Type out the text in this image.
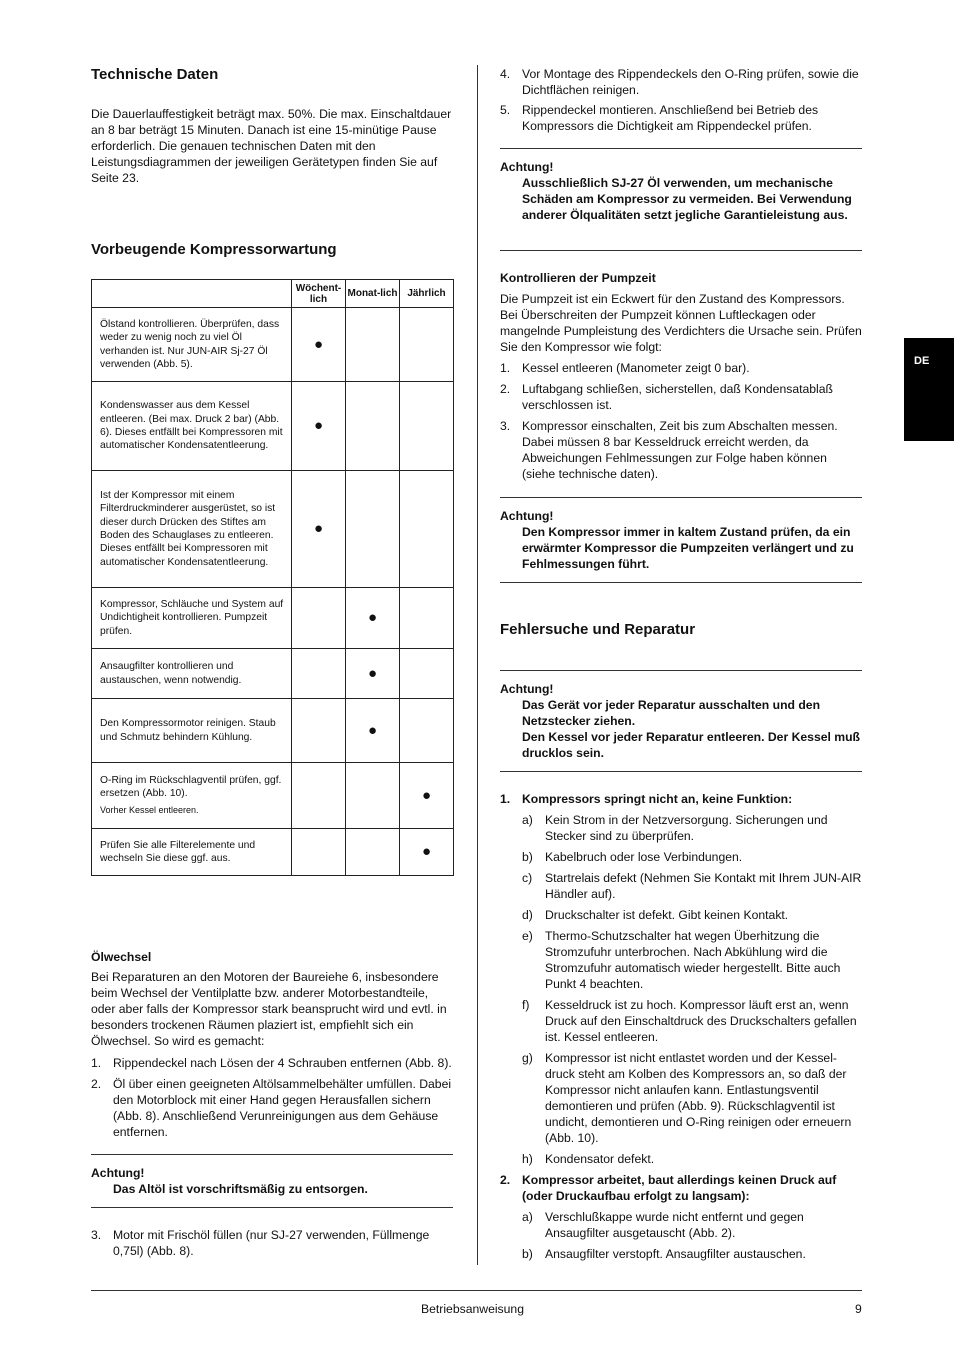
Technische Daten

Die Dauerlauffestigkeit beträgt max. 50%. Die max. Einschaltdauer an 8 bar beträgt 15 Minuten. Danach ist eine 15-minütige Pause erforderlich. Die genauen technischen Daten mit den Leistungsdiagrammen der jeweiligen Gerätetypen finden Sie auf Seite 23.

Vorbeugende Kompressorwartung
	Wöchent-lich	Monat-lich	Jährlich
Ölstand kontrollieren. Überprüfen, dass weder zu wenig noch zu viel Öl verhanden ist. Nur JUN-AIR Sj-27 Öl verwenden (Abb. 5).	●		
Kondenswasser aus dem Kessel entleeren. (Bei max. Druck 2 bar) (Abb. 6). Dieses entfällt bei Kompressoren mit automatischer Kondensatentleerung.	●		
Ist der Kompressor mit einem Filterdruckminderer ausgerüstet, so ist dieser durch Drücken des Stiftes am Boden des Schauglases zu entleeren. Dieses entfällt bei Kompressoren mit automatischer Kondensatentleerung.	●		
Kompressor, Schläuche und System auf Undichtigheit kontrollieren. Pumpzeit prüfen.		●	
Ansaugfilter kontrollieren und austauschen, wenn notwendig.		●	
Den Kompressormotor reinigen. Staub und Schmutz behindern Kühlung.		●	

O-Ring im Rückschlagventil prüfen, ggf. ersetzen (Abb. 10).
Vorher Kessel entleeren.			●
Prüfen Sie alle Filterelemente und wechseln Sie diese ggf. aus.			●

Ölwechsel

Bei Reparaturen an den Motoren der Baureiehe 6, insbesondere beim Wechsel der Ventilplatte bzw. anderer Motorbestandteile, oder aber falls der Kompressor stark beansprucht wird und evtl. in besonders trockenen Räumen plaziert ist, empfiehlt sich ein Ölwechsel. So wird es gemacht:

1. Rippendeckel nach Lösen der 4 Schrauben entfernen (Abb. 8).
2. Öl über einen geeigneten Altölsammelbehälter umfüllen. Dabei den Motorblock mit einer Hand gegen Herausfallen sichern (Abb. 8). Anschließend Verunreinigungen aus dem Gehäuse entfernen.
Achtung!
Das Altöl ist vorschriftsmäßig zu entsorgen.
3. Motor mit Frischöl füllen (nur SJ-27 verwenden, Füllmenge 0,75l) (Abb. 8).
4. Vor Montage des Rippendeckels den O-Ring prüfen, sowie die Dichtflächen reinigen.
5. Rippendeckel montieren. Anschließend bei Betrieb des Kompressors die Dichtigkeit am Rippendeckel prüfen.
Achtung!
Ausschließlich SJ-27 Öl verwenden, um mechanische Schäden am Kompressor zu vermeiden. Bei Verwendung anderer Ölqualitäten setzt jegliche Garantieleistung aus.

Kontrollieren der Pumpzeit

Die Pumpzeit ist ein Eckwert für den Zustand des Kompressors. Bei Überschreiten der Pumpzeit können Luftleckagen oder mangelnde Pumpleistung des Verdichters die Ursache sein. Prüfen Sie den Kompressor wie folgt:

1. Kessel entleeren (Manometer zeigt 0 bar).
2. Luftabgang schließen, sicherstellen, daß Kondensatablaß verschlossen ist.
3. Kompressor einschalten, Zeit bis zum Abschalten messen. Dabei müssen 8 bar Kesseldruck erreicht werden, da Abweichungen Fehlmessungen zur Folge haben können (siehe technische daten).
Achtung!
Den Kompressor immer in kaltem Zustand prüfen, da ein erwärmter Kompressor die Pumpzeiten verlängert und zu Fehlmessungen führt.
Fehlersuche und Reparatur
Achtung!
Das Gerät vor jeder Reparatur ausschalten und den Netzstecker ziehen.
Den Kessel vor jeder Reparatur entleeren. Der Kessel muß drucklos sein.
1. Kompressors springt nicht an, keine Funktion:
a) Kein Strom in der Netzversorgung. Sicherungen und Stecker sind zu überprüfen.
b) Kabelbruch oder lose Verbindungen.
c) Startrelais defekt (Nehmen Sie Kontakt mit Ihrem JUN-AIR Händler auf).
d) Druckschalter ist defekt. Gibt keinen Kontakt.
e) Thermo-Schutzschalter hat wegen Überhitzung die Stromzufuhr unterbrochen. Nach Abkühlung wird die Stromzufuhr automatisch wieder hergestellt. Bitte auch Punkt 4 beachten.
f) Kesseldruck ist zu hoch. Kompressor läuft erst an, wenn Druck auf den Einschaltdruck des Druckschalters gefallen ist. Kessel entleeren.
g) Kompressor ist nicht entlastet worden und der Kesseldruck steht am Kolben des Kompressors an, so daß der Kompressor nicht anlaufen kann. Entlastungsventil demontieren und prüfen (Abb. 9). Rückschlagventil ist undicht, demontieren und O-Ring reinigen oder erneuern (Abb. 10).
h) Kondensator defekt.
2. Kompressor arbeitet, baut allerdings keinen Druck auf (oder Druckaufbau erfolgt zu langsam):
a) Verschlußkappe wurde nicht entfernt und gegen Ansaugfilter ausgetauscht (Abb. 2).
b) Ansaugfilter verstopft. Ansaugfilter austauschen.
DE
Betriebsanweisung	9
